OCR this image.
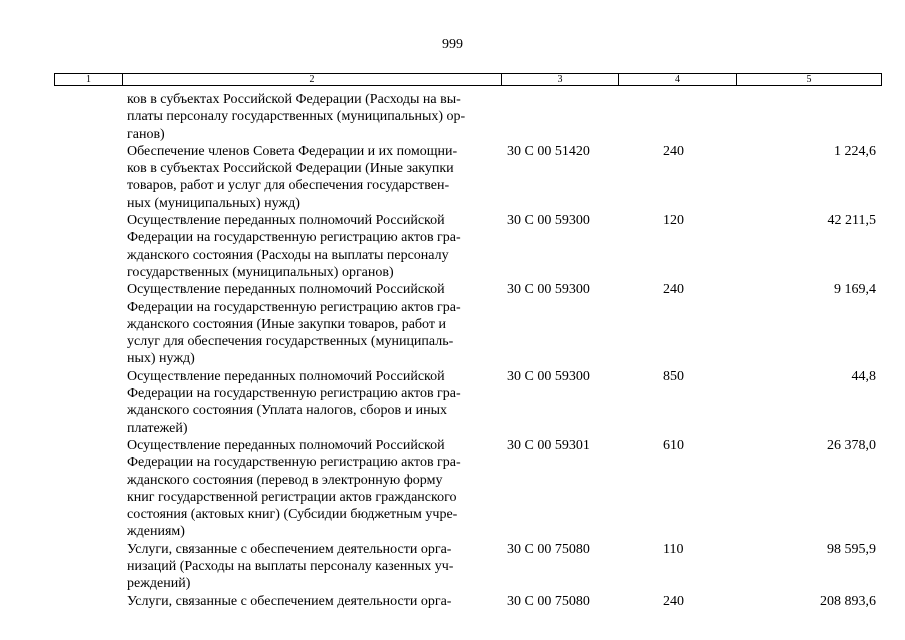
999
1	2	3	4	5
ков в субъектах Российской Федерации (Расходы на вы-
платы персоналу государственных (муниципальных) ор-
ганов)
Обеспечение членов Совета Федерации и их помощни-
ков в субъектах Российской Федерации (Иные закупки
товаров, работ и услуг для обеспечения государствен-
ных (муниципальных) нужд)
30 С 00 51420	240	1 224,6
Осуществление переданных полномочий Российской
Федерации на государственную регистрацию актов гра-
жданского состояния (Расходы на выплаты персоналу
государственных (муниципальных) органов)
30 С 00 59300	120	42 211,5
Осуществление переданных полномочий Российской
Федерации на государственную регистрацию актов гра-
жданского состояния (Иные закупки товаров, работ и
услуг для обеспечения государственных (муниципаль-
ных) нужд)
30 С 00 59300	240	9 169,4
Осуществление переданных полномочий Российской
Федерации на государственную регистрацию актов гра-
жданского состояния (Уплата налогов, сборов и иных
платежей)
30 С 00 59300	850	44,8
Осуществление переданных полномочий Российской
Федерации на государственную регистрацию актов гра-
жданского состояния (перевод в электронную форму
книг государственной регистрации актов гражданского
состояния (актовых книг) (Субсидии бюджетным учре-
ждениям)
30 С 00 59301	610	26 378,0
Услуги, связанные с обеспечением деятельности орга-
низаций (Расходы на выплаты персоналу казенных уч-
реждений)
30 С 00 75080	110	98 595,9
Услуги, связанные с обеспечением деятельности орга-	30 С 00 75080	240	208 893,6
